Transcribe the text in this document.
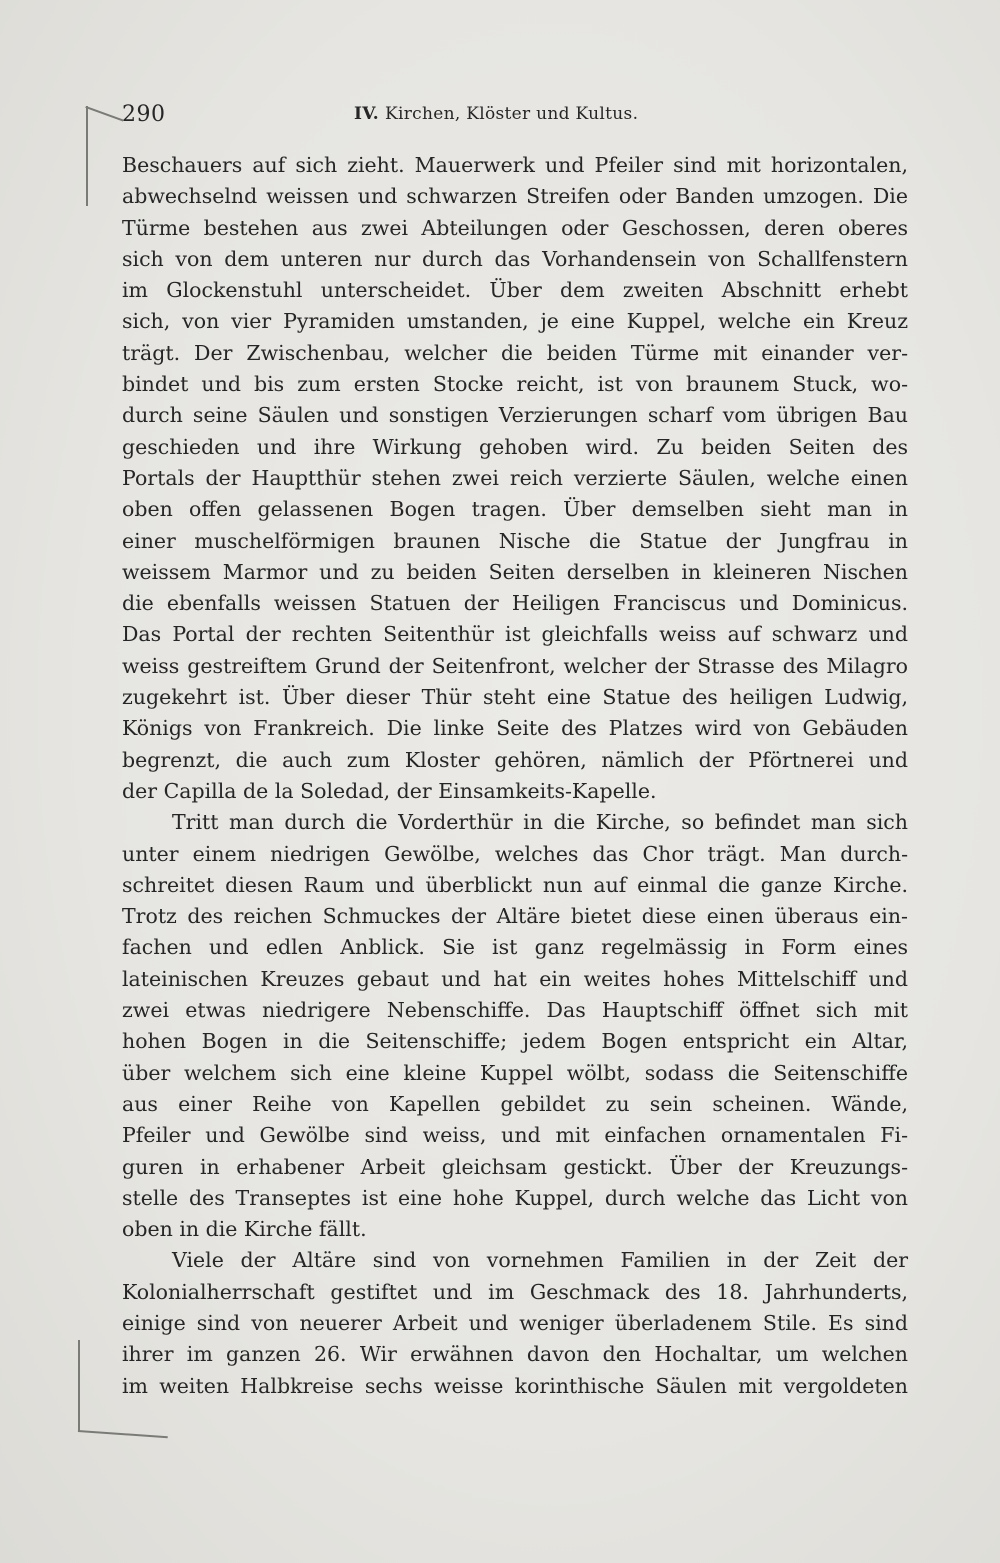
290	IV. Kirchen, Klöster und Kultus.
Beschauers auf sich zieht. Mauerwerk und Pfeiler sind mit horizontalen,
abwechselnd weissen und schwarzen Streifen oder Banden umzogen. Die
Türme bestehen aus zwei Abteilungen oder Geschossen, deren oberes
sich von dem unteren nur durch das Vorhandensein von Schallfenstern
im Glockenstuhl unterscheidet. Über dem zweiten Abschnitt erhebt
sich, von vier Pyramiden umstanden, je eine Kuppel, welche ein Kreuz
trägt. Der Zwischenbau, welcher die beiden Türme mit einander ver-
bindet und bis zum ersten Stocke reicht, ist von braunem Stuck, wo-
durch seine Säulen und sonstigen Verzierungen scharf vom übrigen Bau
geschieden und ihre Wirkung gehoben wird. Zu beiden Seiten des
Portals der Hauptthür stehen zwei reich verzierte Säulen, welche einen
oben offen gelassenen Bogen tragen. Über demselben sieht man in
einer muschelförmigen braunen Nische die Statue der Jungfrau in
weissem Marmor und zu beiden Seiten derselben in kleineren Nischen
die ebenfalls weissen Statuen der Heiligen Franciscus und Dominicus.
Das Portal der rechten Seitenthür ist gleichfalls weiss auf schwarz und
weiss gestreiftem Grund der Seitenfront, welcher der Strasse des Milagro
zugekehrt ist. Über dieser Thür steht eine Statue des heiligen Ludwig,
Königs von Frankreich. Die linke Seite des Platzes wird von Gebäuden
begrenzt, die auch zum Kloster gehören, nämlich der Pförtnerei und
der Capilla de la Soledad, der Einsamkeits-Kapelle.
Tritt man durch die Vorderthür in die Kirche, so befindet man sich
unter einem niedrigen Gewölbe, welches das Chor trägt. Man durch-
schreitet diesen Raum und überblickt nun auf einmal die ganze Kirche.
Trotz des reichen Schmuckes der Altäre bietet diese einen überaus ein-
fachen und edlen Anblick. Sie ist ganz regelmässig in Form eines
lateinischen Kreuzes gebaut und hat ein weites hohes Mittelschiff und
zwei etwas niedrigere Nebenschiffe. Das Hauptschiff öffnet sich mit
hohen Bogen in die Seitenschiffe; jedem Bogen entspricht ein Altar,
über welchem sich eine kleine Kuppel wölbt, sodass die Seitenschiffe
aus einer Reihe von Kapellen gebildet zu sein scheinen. Wände,
Pfeiler und Gewölbe sind weiss, und mit einfachen ornamentalen Fi-
guren in erhabener Arbeit gleichsam gestickt. Über der Kreuzungs-
stelle des Transeptes ist eine hohe Kuppel, durch welche das Licht von
oben in die Kirche fällt.
Viele der Altäre sind von vornehmen Familien in der Zeit der
Kolonialherrschaft gestiftet und im Geschmack des 18. Jahrhunderts,
einige sind von neuerer Arbeit und weniger überladenem Stile. Es sind
ihrer im ganzen 26. Wir erwähnen davon den Hochaltar, um welchen
im weiten Halbkreise sechs weisse korinthische Säulen mit vergoldeten
